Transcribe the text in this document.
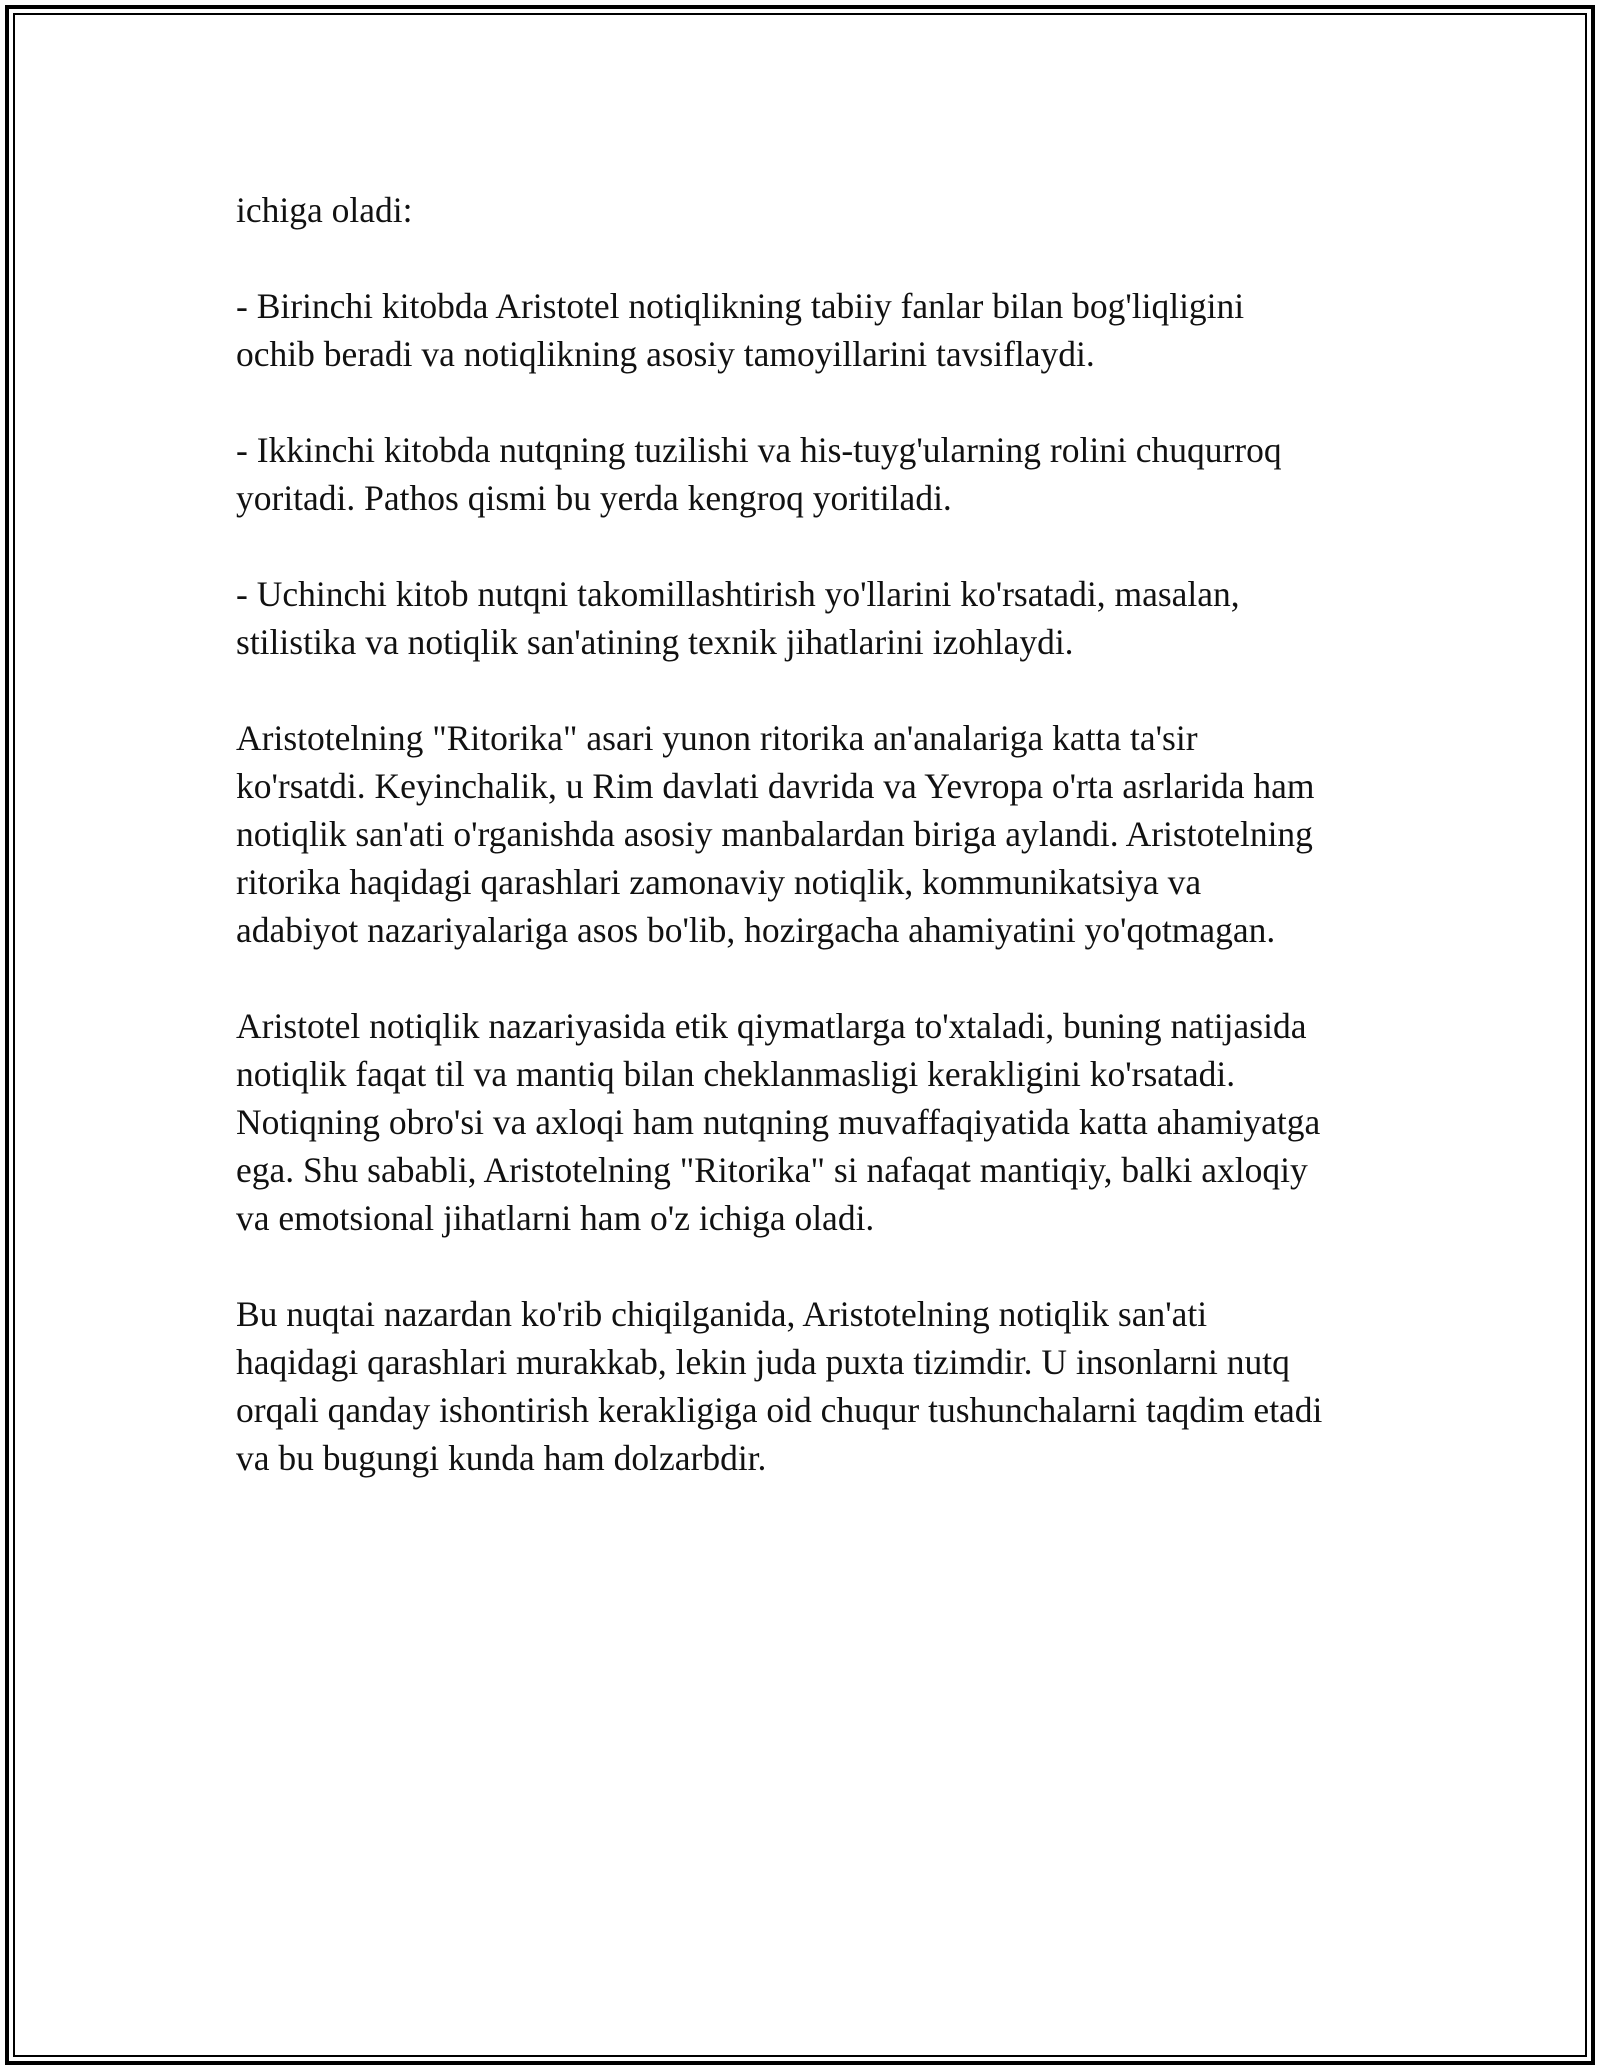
ichiga oladi:

- Birinchi kitobda Aristotel notiqlikning tabiiy fanlar bilan bog'liqligini
ochib beradi va notiqlikning asosiy tamoyillarini tavsiflaydi.

- Ikkinchi kitobda nutqning tuzilishi va his-tuyg'ularning rolini chuqurroq
yoritadi. Pathos qismi bu yerda kengroq yoritiladi.

- Uchinchi kitob nutqni takomillashtirish yo'llarini ko'rsatadi, masalan,
stilistika va notiqlik san'atining texnik jihatlarini izohlaydi.

Aristotelning "Ritorika" asari yunon ritorika an'analariga katta ta'sir
ko'rsatdi. Keyinchalik, u Rim davlati davrida va Yevropa o'rta asrlarida ham
notiqlik san'ati o'rganishda asosiy manbalardan biriga aylandi. Aristotelning
ritorika haqidagi qarashlari zamonaviy notiqlik, kommunikatsiya va
adabiyot nazariyalariga asos bo'lib, hozirgacha ahamiyatini yo'qotmagan.

Aristotel notiqlik nazariyasida etik qiymatlarga to'xtaladi, buning natijasida
notiqlik faqat til va mantiq bilan cheklanmasligi kerakligini ko'rsatadi.
Notiqning obro'si va axloqi ham nutqning muvaffaqiyatida katta ahamiyatga
ega. Shu sababli, Aristotelning "Ritorika" si nafaqat mantiqiy, balki axloqiy
va emotsional jihatlarni ham o'z ichiga oladi.

Bu nuqtai nazardan ko'rib chiqilganida, Aristotelning notiqlik san'ati
haqidagi qarashlari murakkab, lekin juda puxta tizimdir. U insonlarni nutq
orqali qanday ishontirish kerakligiga oid chuqur tushunchalarni taqdim etadi
va bu bugungi kunda ham dolzarbdir.
